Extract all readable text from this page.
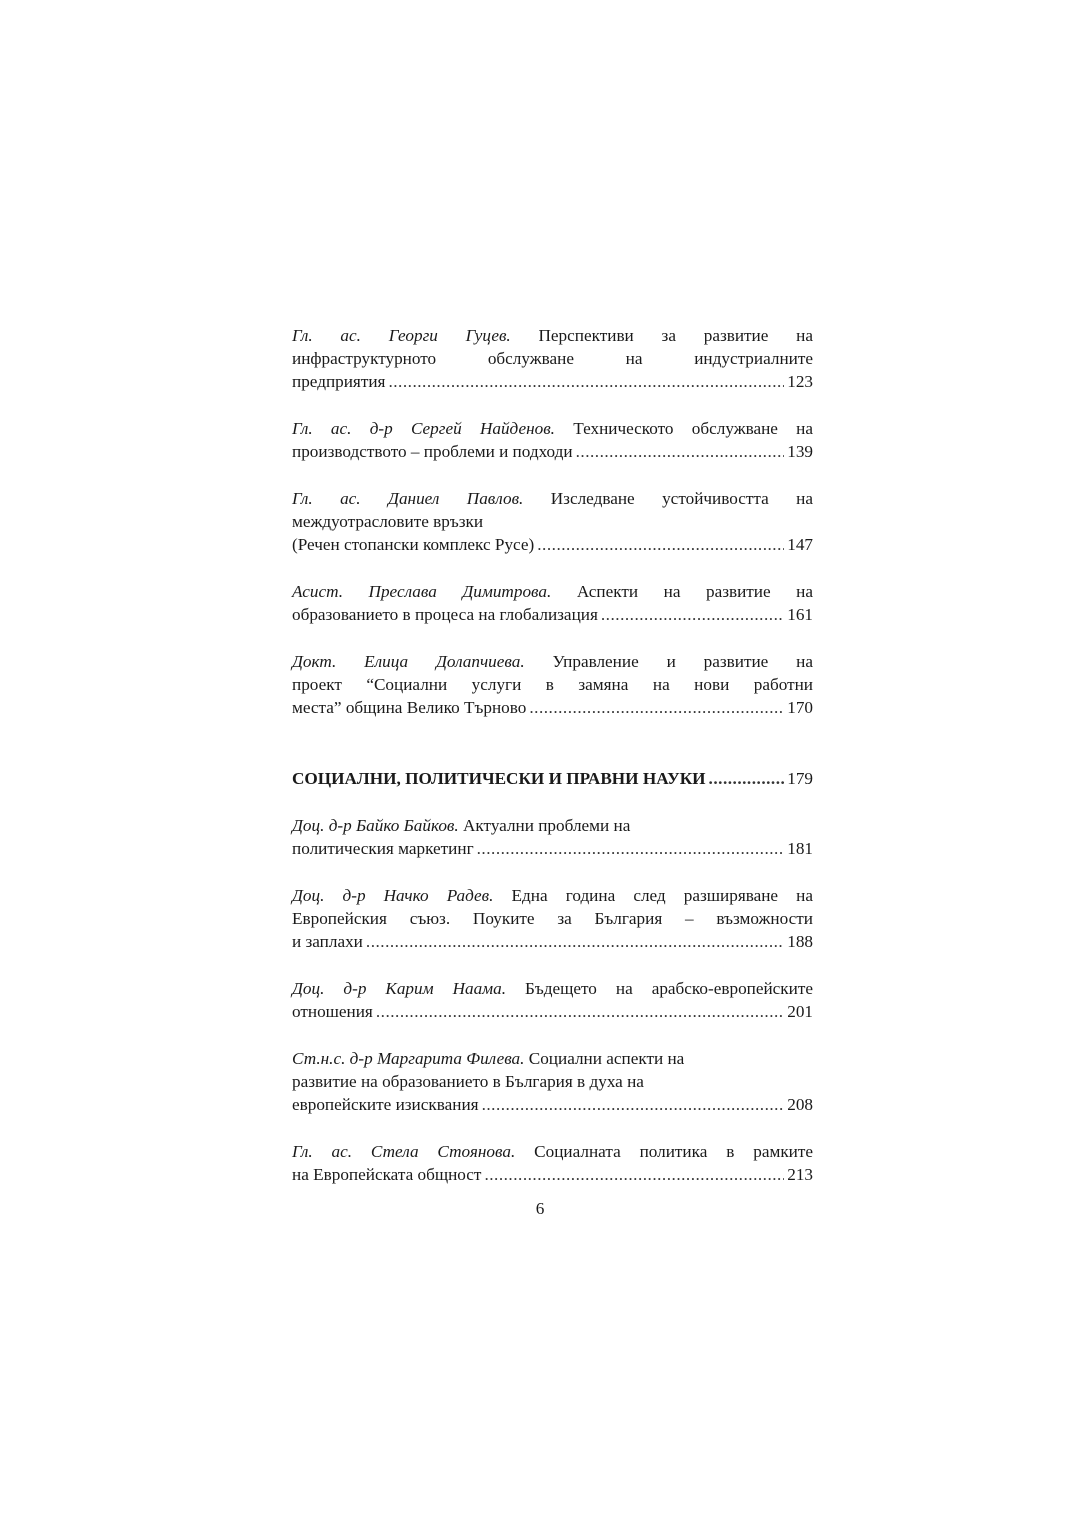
Гл. ас. Георги Гуцев. Перспективи за развитие на
инфраструктурното обслужване на индустриалните
предприятия .....	123
Гл. ас. д-р Сергей Найденов. Техническото обслужване на
производството – проблеми и подходи .....	139
Гл. ас. Даниел Павлов. Изследване устойчивостта на
междуотрасловите връзки
(Речен стопански комплекс Русе) .....	147
Асист. Преслава Димитрова. Аспекти на развитие на
образованието в процеса на глобализация .....	161
Докт. Елица Долапчиева. Управление и развитие на
проект “Социални услуги в замяна на нови работни
места” община Велико Търново .....	170
СОЦИАЛНИ, ПОЛИТИЧЕСКИ И ПРАВНИ НАУКИ .....	179
Доц. д-р Байко Байков. Актуални проблеми на
политическия маркетинг .....	181
Доц. д-р Начко Радев. Една година след разширяване на
Европейския съюз. Поуките за България – възможности
и заплахи .....	188
Доц. д-р Карим Наама. Бъдещето на арабско-европейските
отношения .....	201
Ст.н.с. д-р Маргарита Филева. Социални аспекти на
развитие на образованието в България в духа на
европейските изисквания .....	208
Гл. ас. Стела Стоянова. Социалната политика в рамките
на Европейската общност .....	213
6
